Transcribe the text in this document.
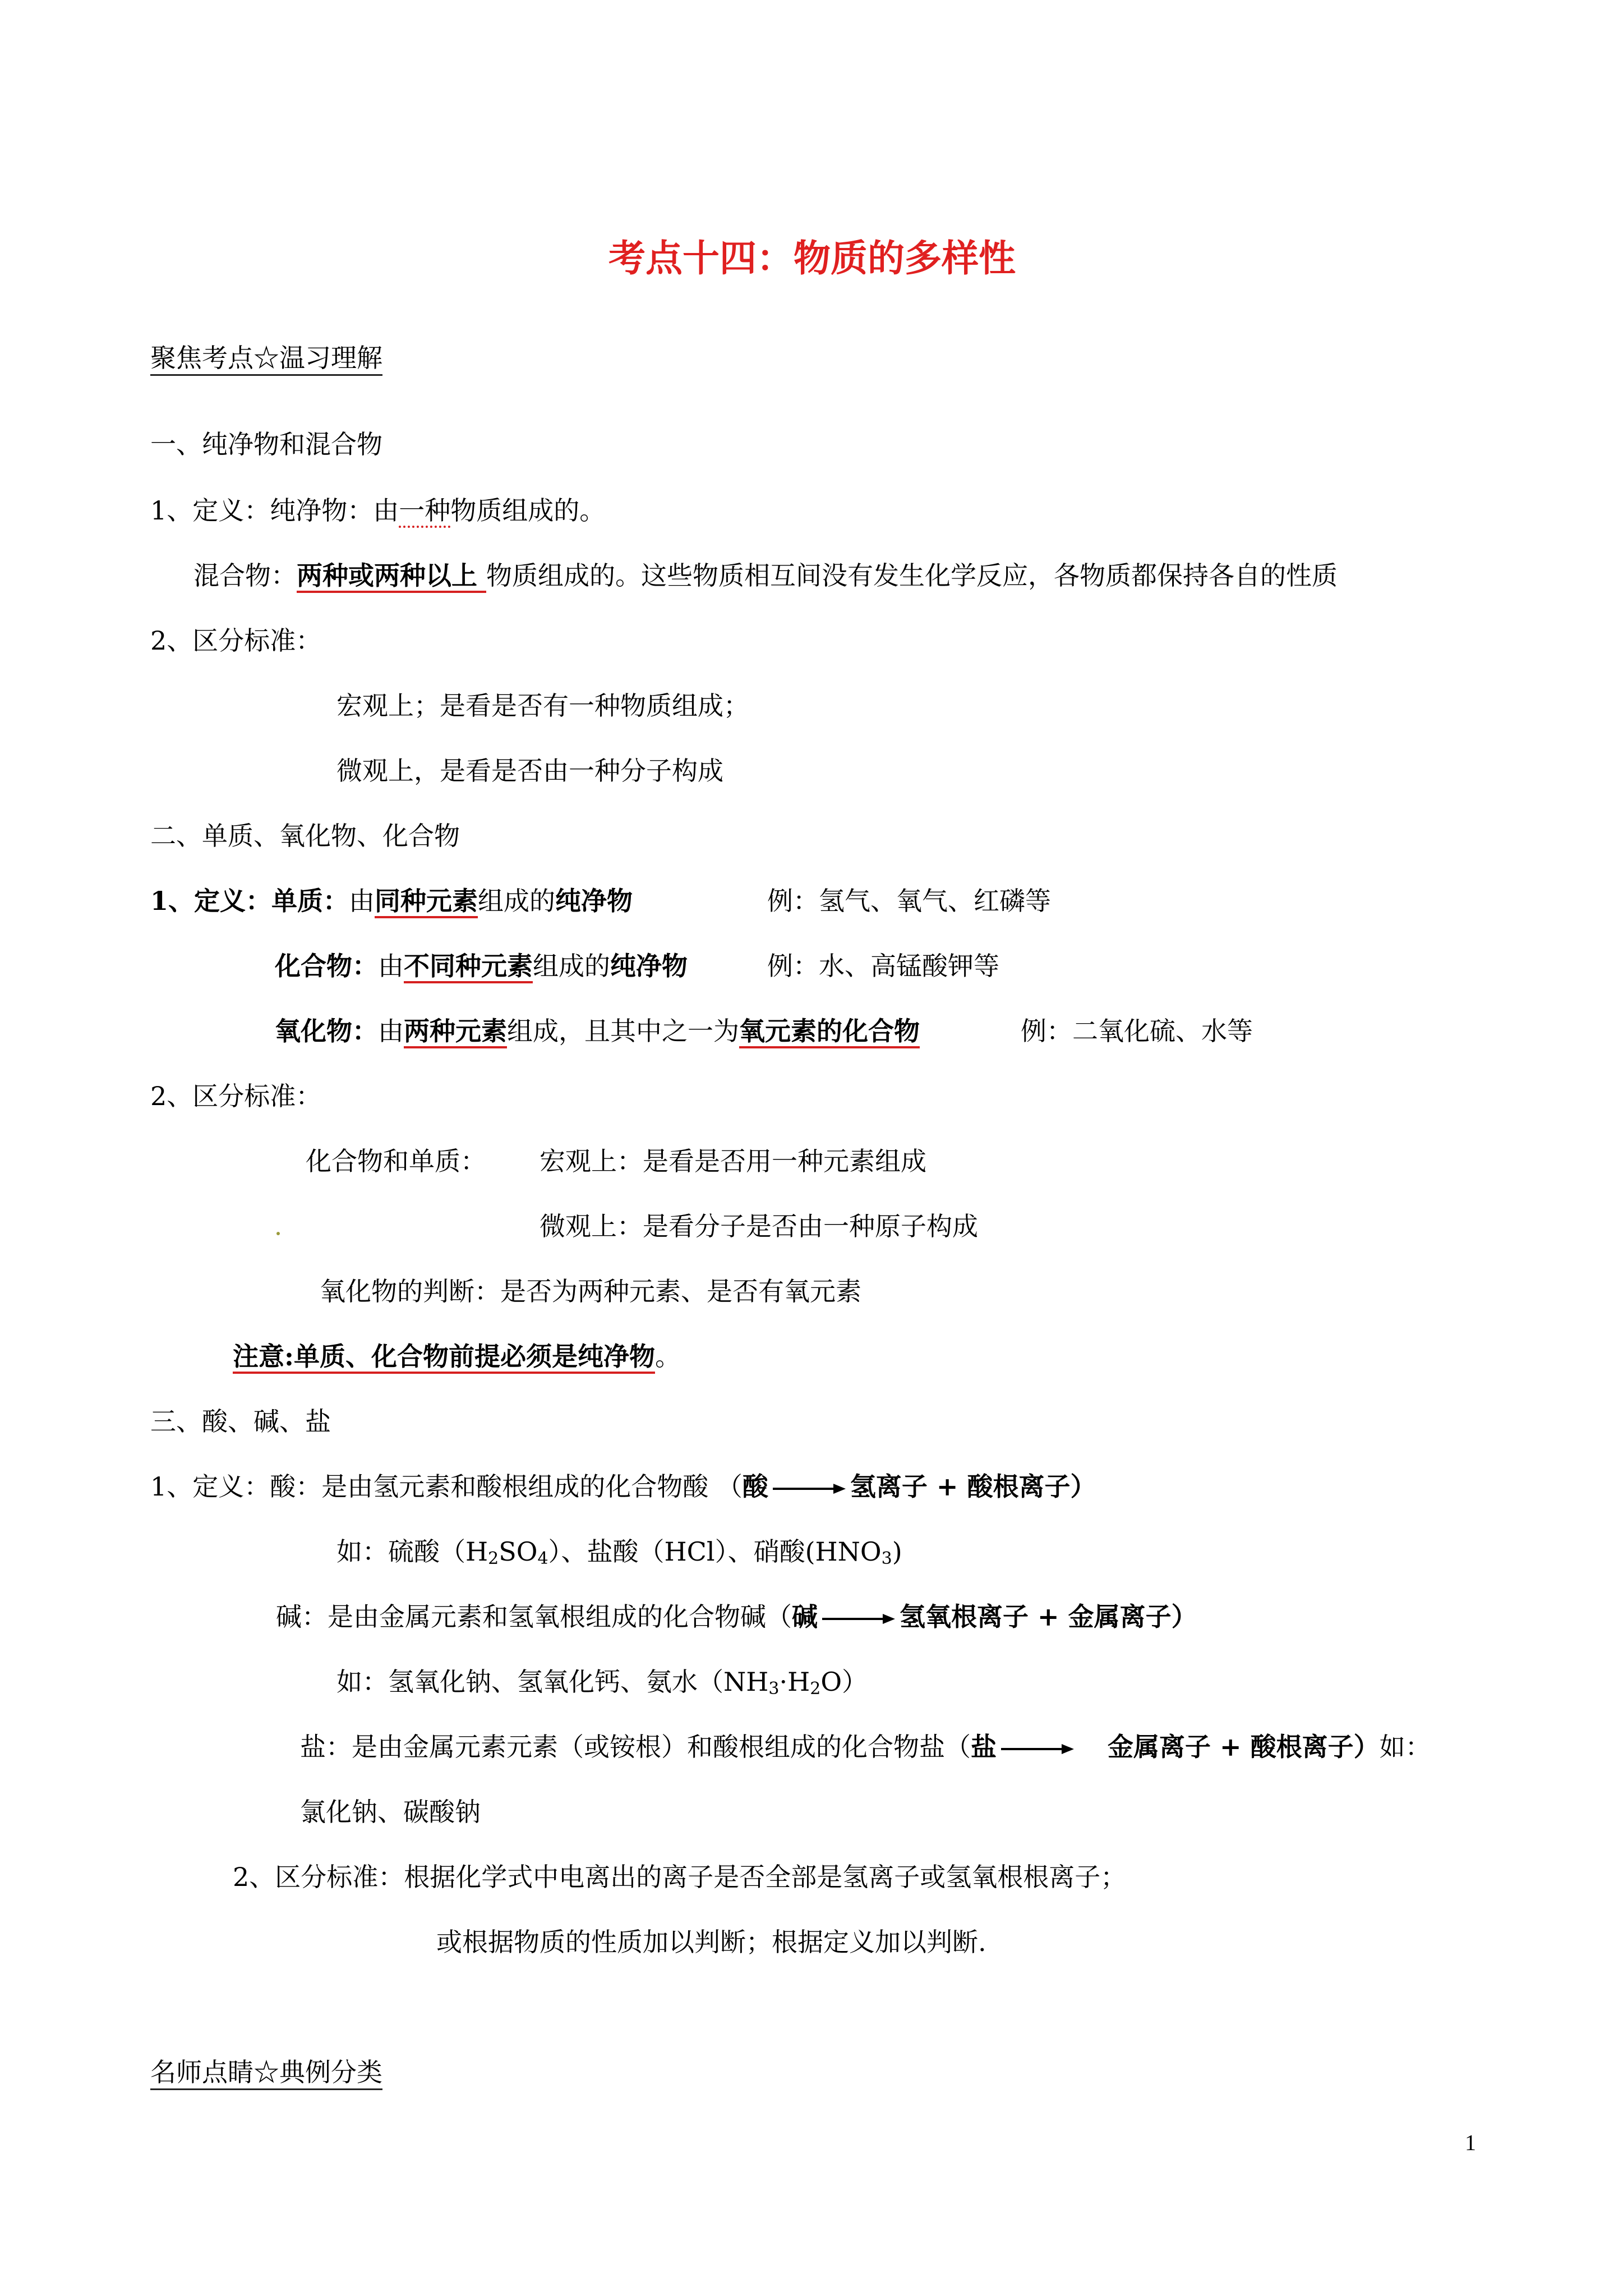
考点十四：物质的多样性
聚焦考点☆温习理解
一、纯净物和混合物
1、定义：纯净物：由一种物质组成的。
混合物：两种或两种以上 物质组成的。这些物质相互间没有发生化学反应，各物质都保持各自的性质
2、区分标准：
宏观上；是看是否有一种物质组成；
微观上，是看是否由一种分子构成
二、单质、氧化物、化合物
1、定义：单质：由同种元素组成的纯净物	例：氢气、氧气、红磷等
化合物：由不同种元素组成的纯净物	例：水、高锰酸钾等
氧化物：由两种元素组成，且其中之一为氧元素的化合物	例：二氧化硫、水等
2、区分标准：
化合物和单质： 宏观上：是看是否用一种元素组成
微观上：是看分子是否由一种原子构成
氧化物的判断：是否为两种元素、是否有氧元素
注意:单质、化合物前提必须是纯净物。
三、酸、碱、盐
1、定义：酸：是由氢元素和酸根组成的化合物酸 （酸	氢离子 + 酸根离子）
如：硫酸$(H_2SO_4)$、盐酸（HCl）、硝酸$(HNO_3)$
碱：是由金属元素和氢氧根组成的化合物碱（碱	氢氧根离子 + 金属离子）
如：氢氧化钠、氢氧化钙、氨水$(NH_3\cdot H_2O)$
盐：是由金属元素元素（或铵根）和酸根组成的化合物盐（盐	金属离子 + 酸根离子）如：
氯化钠、碳酸钠
2、区分标准：根据化学式中电离出的离子是否全部是氢离子或氢氧根根离子；
或根据物质的性质加以判断；根据定义加以判断.
名师点睛☆典例分类
1
